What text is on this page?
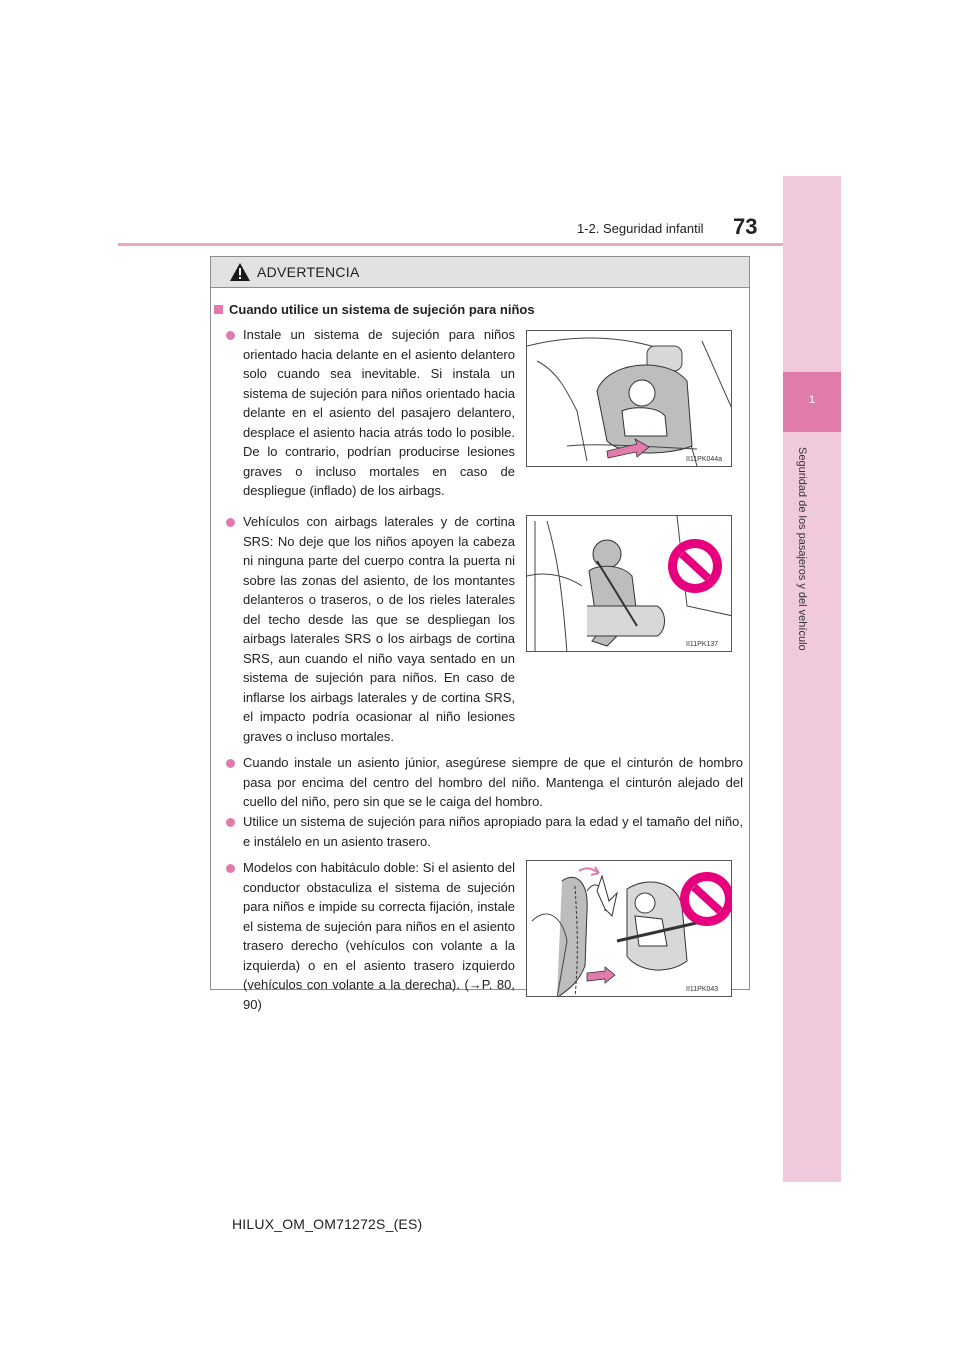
1-2. Seguridad infantil 73
1
Seguridad de los pasajeros y del vehículo
ADVERTENCIA
Cuando utilice un sistema de sujeción para niños
Instale un sistema de sujeción para niños orientado hacia delante en el asiento delantero solo cuando sea inevitable. Si instala un sistema de sujeción para niños orientado hacia delante en el asiento del pasajero delantero, desplace el asiento hacia atrás todo lo posible. De lo contrario, podrían producirse lesiones graves o incluso mortales en caso de despliegue (inflado) de los airbags.
II11PK044a
Vehículos con airbags laterales y de cortina SRS: No deje que los niños apoyen la cabeza ni ninguna parte del cuerpo contra la puerta ni sobre las zonas del asiento, de los montantes delanteros o traseros, o de los rieles laterales del techo desde las que se despliegan los airbags laterales SRS o los airbags de cortina SRS, aun cuando el niño vaya sentado en un sistema de sujeción para niños. En caso de inflarse los airbags laterales y de cortina SRS, el impacto podría ocasionar al niño lesiones graves o incluso mortales.
II11PK137
Cuando instale un asiento júnior, asegúrese siempre de que el cinturón de hombro pasa por encima del centro del hombro del niño. Mantenga el cinturón alejado del cuello del niño, pero sin que se le caiga del hombro.
Utilice un sistema de sujeción para niños apropiado para la edad y el tamaño del niño, e instálelo en un asiento trasero.
Modelos con habitáculo doble: Si el asiento del conductor obstaculiza el sistema de sujeción para niños e impide su correcta fijación, instale el sistema de sujeción para niños en el asiento trasero derecho (vehículos con volante a la izquierda) o en el asiento trasero izquierdo (vehículos con volante a la derecha). (→P. 80, 90)
II11PK043
HILUX_OM_OM71272S_(ES)
